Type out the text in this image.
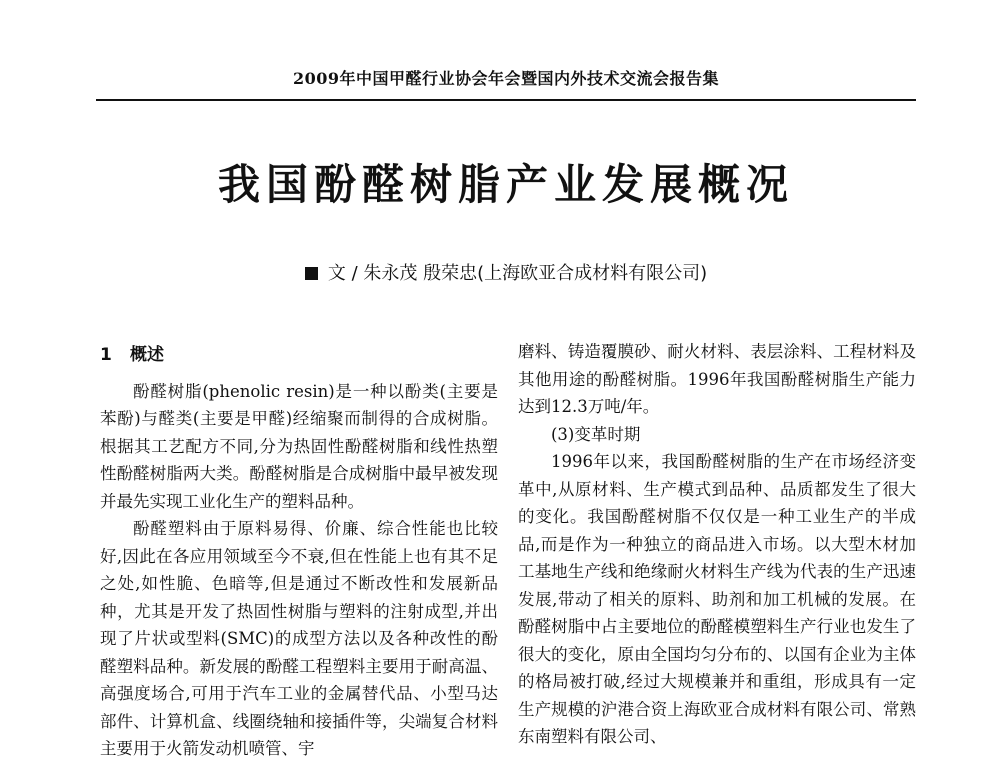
2009年中国甲醛行业协会年会暨国内外技术交流会报告集
我国酚醛树脂产业发展概况
文 / 朱永茂 殷荣忠(上海欧亚合成材料有限公司)
1 概述

酚醛树脂(phenolic resin)是一种以酚类(主要是苯酚)与醛类(主要是甲醛)经缩聚而制得的合成树脂。根据其工艺配方不同,分为热固性酚醛树脂和线性热塑性酚醛树脂两大类。酚醛树脂是合成树脂中最早被发现并最先实现工业化生产的塑料品种。

酚醛塑料由于原料易得、价廉、综合性能也比较好,因此在各应用领域至今不衰,但在性能上也有其不足之处,如性脆、色暗等,但是通过不断改性和发展新品种，尤其是开发了热固性树脂与塑料的注射成型,并出现了片状或型料(SMC)的成型方法以及各种改性的酚醛塑料品种。新发展的酚醛工程塑料主要用于耐高温、高强度场合,可用于汽车工业的金属替代品、小型马达部件、计算机盒、线圈绕轴和接插件等，尖端复合材料主要用于火箭发动机喷管、宇

磨料、铸造覆膜砂、耐火材料、表层涂料、工程材料及其他用途的酚醛树脂。1996年我国酚醛树脂生产能力达到12.3万吨/年。

(3)变革时期

1996年以来，我国酚醛树脂的生产在市场经济变革中,从原材料、生产模式到品种、品质都发生了很大的变化。我国酚醛树脂不仅仅是一种工业生产的半成品,而是作为一种独立的商品进入市场。以大型木材加工基地生产线和绝缘耐火材料生产线为代表的生产迅速发展,带动了相关的原料、助剂和加工机械的发展。在酚醛树脂中占主要地位的酚醛模塑料生产行业也发生了很大的变化，原由全国均匀分布的、以国有企业为主体的格局被打破,经过大规模兼并和重组，形成具有一定生产规模的沪港合资上海欧亚合成材料有限公司、常熟东南塑料有限公司、
